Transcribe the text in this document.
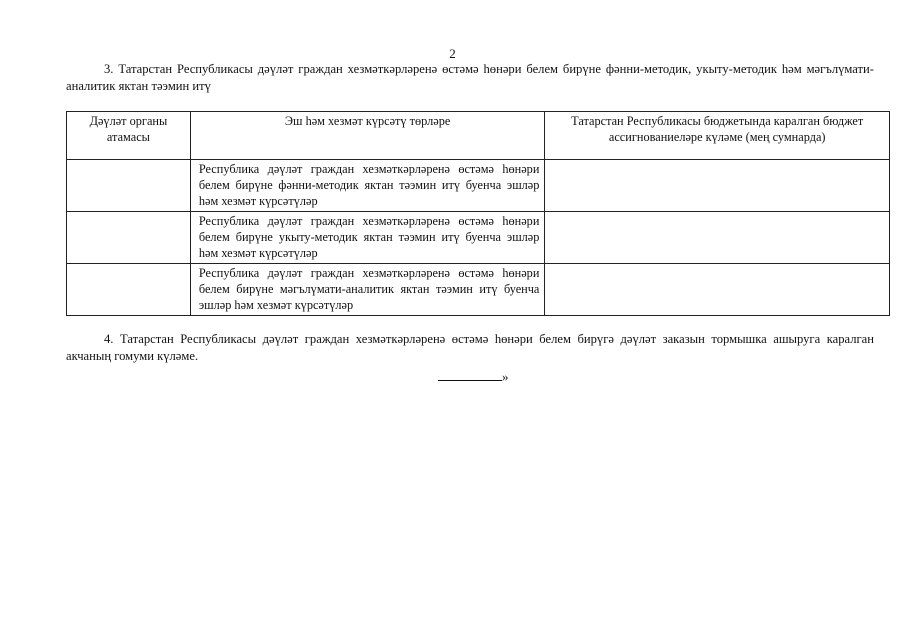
2

3. Татарстан Республикасы дәүләт граждан хезмәткәрләренә өстәмә һөнәри белем бирүне фәнни-методик, укыту-методик һәм мәгълүмати-аналитик яктан тәэмин итү

Дәүләт органы атамасы	Эш һәм хезмәт күрсәтү төрләре	Татарстан Республикасы бюджетында каралган бюджет ассигнованиеләре күләме (мең сумнарда)
	Республика дәүләт граждан хезмәткәрләренә өстәмә һөнәри белем бирүне фәнни-методик яктан тәэмин итү буенча эшләр һәм хезмәт күрсәтүләр	
	Республика дәүләт граждан хезмәткәрләренә өстәмә һөнәри белем бирүне укыту-методик яктан тәэмин итү буенча эшләр һәм хезмәт күрсәтүләр	
	Республика дәүләт граждан хезмәткәрләренә өстәмә һөнәри белем бирүне мәгълүмати-аналитик яктан тәэмин итү буенча эшләр һәм хезмәт күрсәтүләр	

4. Татарстан Республикасы дәүләт граждан хезмәткәрләренә өстәмә һөнәри белем бирүгә дәүләт заказын тормышка ашыруга каралган акчаның гомуми күләме.

»
